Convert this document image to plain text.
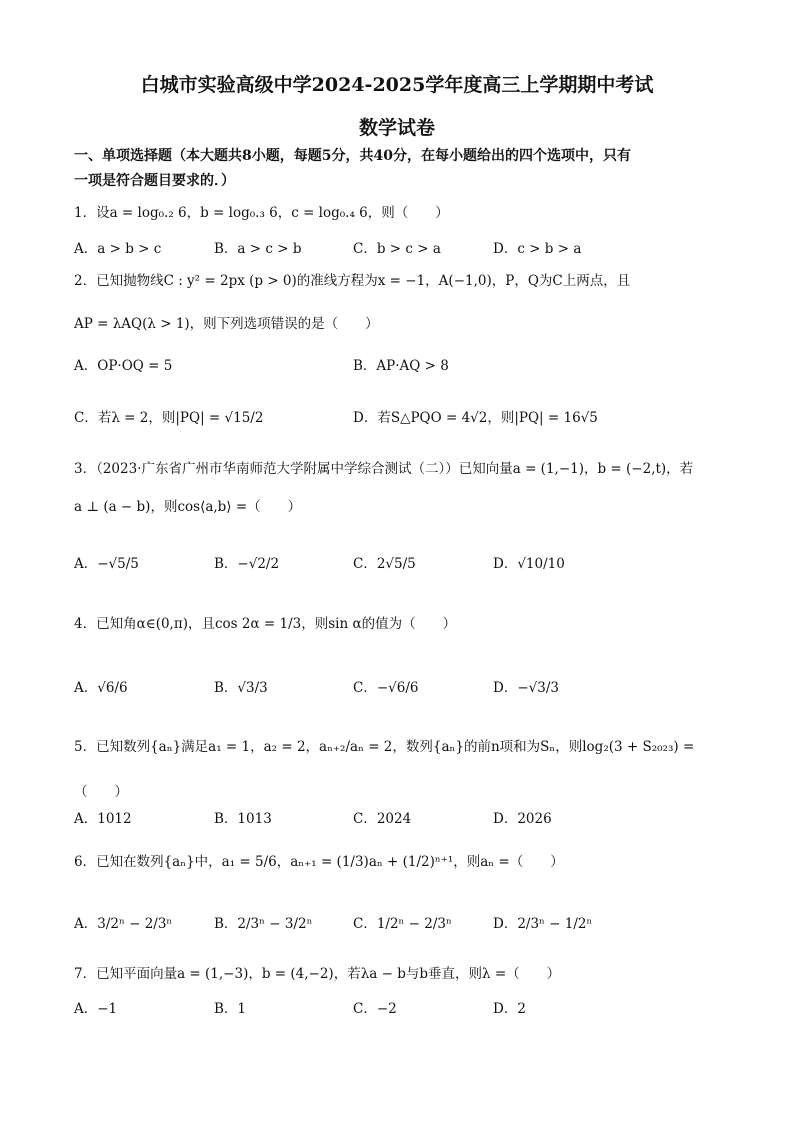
白城市实验高级中学2024-2025学年度高三上学期期中考试
数学试卷
一、单项选择题（本大题共8小题，每题5分，共40分，在每小题给出的四个选项中，只有
一项是符合题目要求的．）
1．设a = log₀.₂ 6，b = log₀.₃ 6，c = log₀.₄ 6，则（　　）
A．a > b > c	B．a > c > b	C．b > c > a	D．c > b > a
2．已知抛物线C : y² = 2px (p > 0)的准线方程为x = −1，A(−1,0)，P，Q为C上两点，且
AP = λAQ(λ > 1)，则下列选项错误的是（　　）
A．OP·OQ = 5	B．AP·AQ > 8
C．若λ = 2，则|PQ| = √15/2	D．若S△PQO = 4√2，则|PQ| = 16√5
3．（2023·广东省广州市华南师范大学附属中学综合测试（二））已知向量a = (1,−1)，b = (−2,t)，若
a ⊥ (a − b)，则cos⟨a,b⟩ =（　　）
A．−√5/5	B．−√2/2	C．2√5/5	D．√10/10
4．已知角α∈(0,π)，且cos 2α = 1/3，则sin α的值为（　　）
A．√6/6	B．√3/3	C．−√6/6	D．−√3/3
5．已知数列{aₙ}满足a₁ = 1，a₂ = 2，aₙ₊₂/aₙ = 2，数列{aₙ}的前n项和为Sₙ，则log₂(3 + S₂₀₂₃) =
（　　）
A．1012	B．1013	C．2024	D．2026
6．已知在数列{aₙ}中，a₁ = 5/6，aₙ₊₁ = (1/3)aₙ + (1/2)ⁿ⁺¹，则aₙ =（　　）
A．3/2ⁿ − 2/3ⁿ	B．2/3ⁿ − 3/2ⁿ	C．1/2ⁿ − 2/3ⁿ	D．2/3ⁿ − 1/2ⁿ
7．已知平面向量a = (1,−3)，b = (4,−2)，若λa − b与b垂直，则λ =（　　）
A．−1	B．1	C．−2	D．2
